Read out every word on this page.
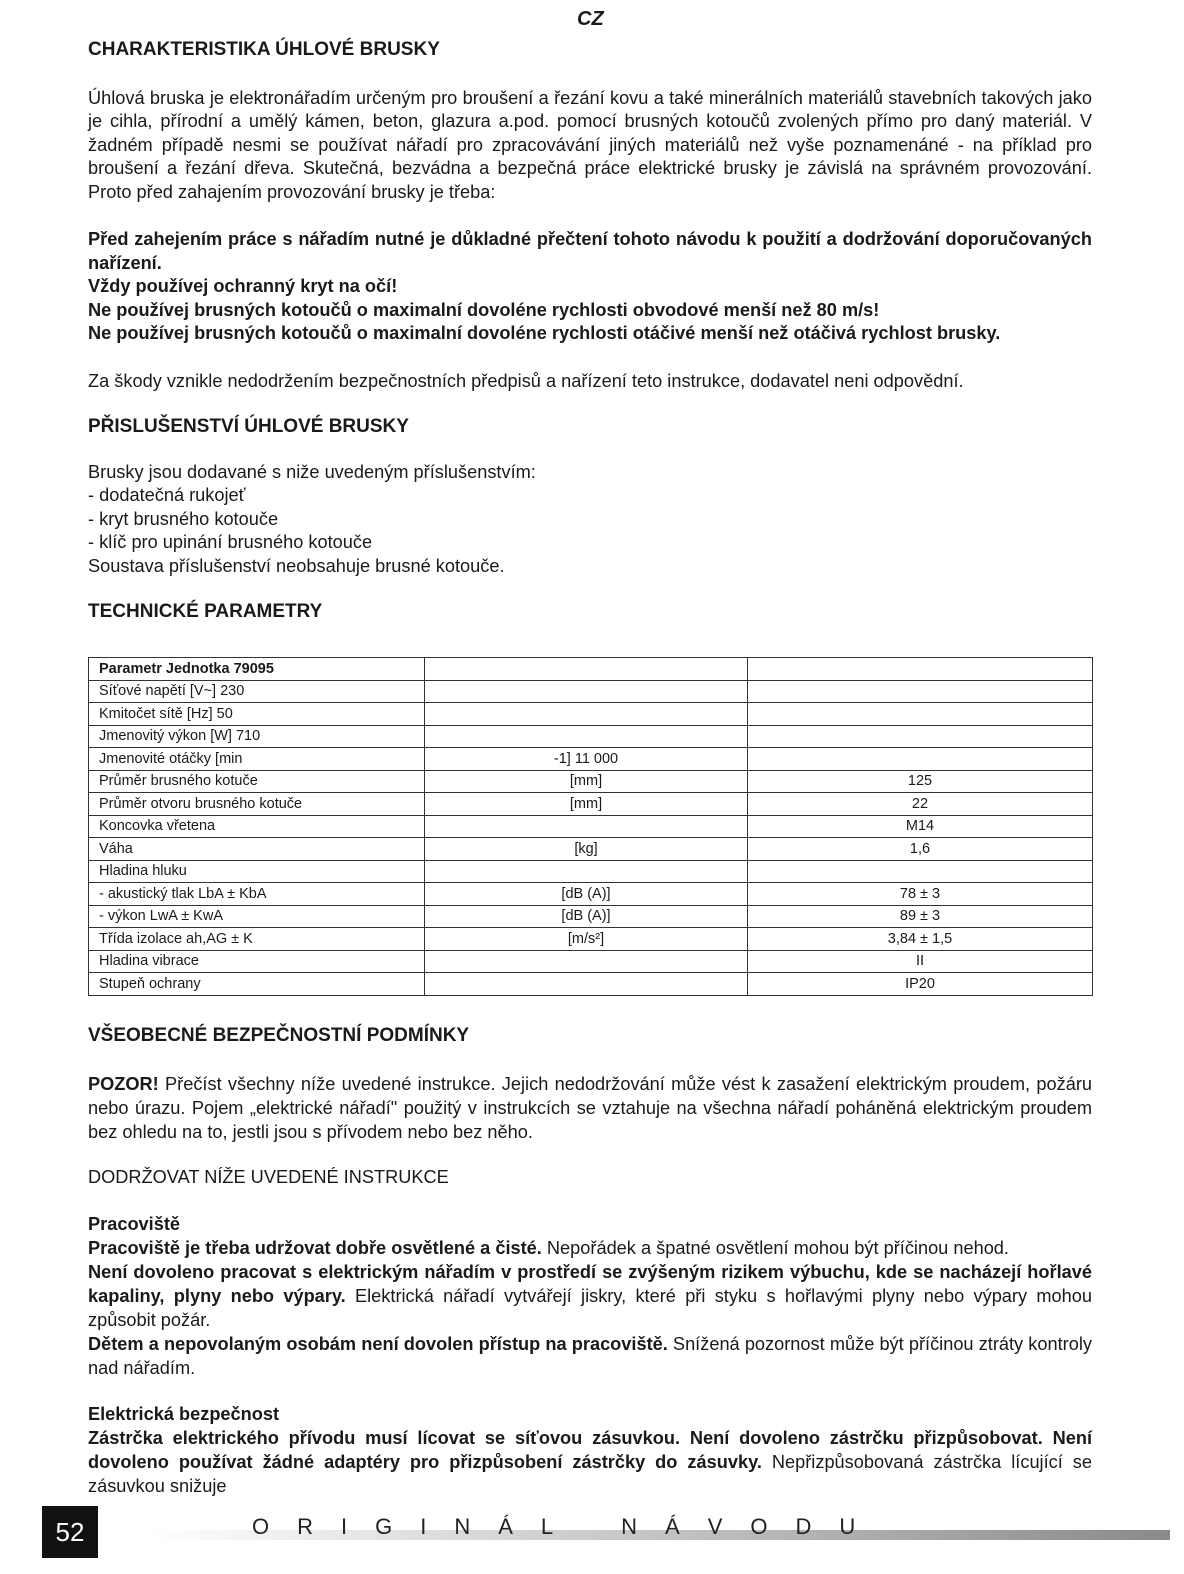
CZ

CHARAKTERISTIKA ÚHLOVÉ BRUSKY

Úhlová bruska je elektronářadím určeným pro broušení a řezání kovu a také minerálních materiálů stavebních takových jako je cihla, přírodní a umělý kámen, beton, glazura a.pod. pomocí brusných kotoučů zvolených přímo pro daný materiál. V žadném případě nesmi se používat nářadí pro zpracovávání jiných materiálů než vyše poznamenáné - na příklad pro broušení a řezání dřeva. Skutečná, bezvádna a bezpečná práce elektrické brusky je závislá na správném provozování. Proto před zahajením provozování brusky je třeba:

Před zahejením práce s nářadím nutné je důkladné přečtení tohoto návodu k použití a dodržování doporučovaných nařízení.

Vždy používej ochranný kryt na očí!

Ne používej brusných kotoučů o maximalní dovoléne rychlosti obvodové menší než 80 m/s!

Ne používej brusných kotoučů o maximalní dovoléne rychlosti otáčivé menší než otáčivá rychlost brusky.

Za škody vznikle nedodržením bezpečnostních předpisů a nařízení teto instrukce, dodavatel neni odpovědní.

PŘISLUŠENSTVÍ ÚHLOVÉ BRUSKY

Brusky jsou dodavané s niže uvedeným příslušenstvím:

- dodatečná rukojeť

- kryt brusného kotouče

- klíč pro upinání brusného kotouče

Soustava příslušenství neobsahuje brusné kotouče.

TECHNICKÉ PARAMETRY

Parametr Jednotka 79095		
Síťové napětí [V~] 230		
Kmitočet sítě [Hz] 50		
Jmenovitý výkon [W] 710		
Jmenovité otáčky [min	-1] 11 000	
Průměr brusného kotuče	[mm]	125
Průměr otvoru brusného kotuče	[mm]	22
Koncovka vřetena		M14
Váha	[kg]	1,6
Hladina hluku		
- akustický tlak LbA ± KbA	[dB (A)]	78 ± 3
- výkon LwA ± KwA	[dB (A)]	89 ± 3
Třída izolace ah,AG ± K	[m/s²]	3,84 ± 1,5
Hladina vibrace		II
Stupeň ochrany		IP20

VŠEOBECNÉ BEZPEČNOSTNÍ PODMÍNKY

POZOR! Přečíst všechny níže uvedené instrukce. Jejich nedodržování může vést k zasažení elektrickým proudem, požáru nebo úrazu. Pojem „elektrické nářadí" použitý v instrukcích se vztahuje na všechna nářadí poháněná elektrickým proudem bez ohledu na to, jestli jsou s přívodem nebo bez něho.

DODRŽOVAT NÍŽE UVEDENÉ INSTRUKCE

Pracoviště

Pracoviště je třeba udržovat dobře osvětlené a čisté. Nepořádek a špatné osvětlení mohou být příčinou nehod.

Není dovoleno pracovat s elektrickým nářadím v prostředí se zvýšeným rizikem výbuchu, kde se nacházejí hořlavé kapaliny, plyny nebo výpary. Elektrická nářadí vytvářejí jiskry, které při styku s hořlavými plyny nebo výpary mohou způsobit požár.

Dětem a nepovolaným osobám není dovolen přístup na pracoviště. Snížená pozornost může být příčinou ztráty kontroly nad nářadím.

Elektrická bezpečnost

Zástrčka elektrického přívodu musí lícovat se síťovou zásuvkou. Není dovoleno zástrčku přizpůsobovat. Není dovoleno používat žádné adaptéry pro přizpůsobení zástrčky do zásuvky. Nepřizpůsobovaná zástrčka lícující se zásuvkou snižuje

52	ORIGINÁL NÁVODU
